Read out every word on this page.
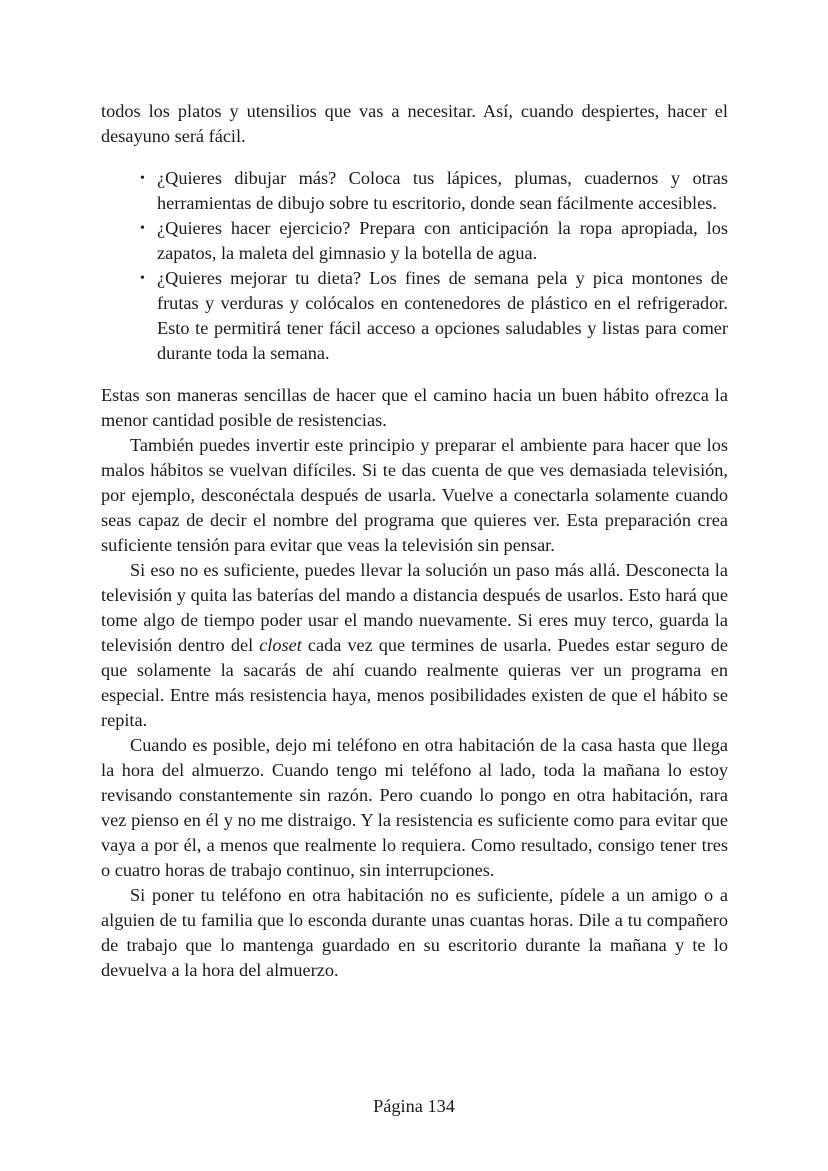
todos los platos y utensilios que vas a necesitar. Así, cuando despiertes, hacer el desayuno será fácil.

• ¿Quieres dibujar más? Coloca tus lápices, plumas, cuadernos y otras herramientas de dibujo sobre tu escritorio, donde sean fácilmente accesibles.
• ¿Quieres hacer ejercicio? Prepara con anticipación la ropa apropiada, los zapatos, la maleta del gimnasio y la botella de agua.
• ¿Quieres mejorar tu dieta? Los fines de semana pela y pica montones de frutas y verduras y colócalos en contenedores de plástico en el refrigerador. Esto te permitirá tener fácil acceso a opciones saludables y listas para comer durante toda la semana.

Estas son maneras sencillas de hacer que el camino hacia un buen hábito ofrezca la menor cantidad posible de resistencias.

También puedes invertir este principio y preparar el ambiente para hacer que los malos hábitos se vuelvan difíciles. Si te das cuenta de que ves demasiada televisión, por ejemplo, desconéctala después de usarla. Vuelve a conectarla solamente cuando seas capaz de decir el nombre del programa que quieres ver. Esta preparación crea suficiente tensión para evitar que veas la televisión sin pensar.

Si eso no es suficiente, puedes llevar la solución un paso más allá. Desconecta la televisión y quita las baterías del mando a distancia después de usarlos. Esto hará que tome algo de tiempo poder usar el mando nuevamente. Si eres muy terco, guarda la televisión dentro del closet cada vez que termines de usarla. Puedes estar seguro de que solamente la sacarás de ahí cuando realmente quieras ver un programa en especial. Entre más resistencia haya, menos posibilidades existen de que el hábito se repita.

Cuando es posible, dejo mi teléfono en otra habitación de la casa hasta que llega la hora del almuerzo. Cuando tengo mi teléfono al lado, toda la mañana lo estoy revisando constantemente sin razón. Pero cuando lo pongo en otra habitación, rara vez pienso en él y no me distraigo. Y la resistencia es suficiente como para evitar que vaya a por él, a menos que realmente lo requiera. Como resultado, consigo tener tres o cuatro horas de trabajo continuo, sin interrupciones.

Si poner tu teléfono en otra habitación no es suficiente, pídele a un amigo o a alguien de tu familia que lo esconda durante unas cuantas horas. Dile a tu compañero de trabajo que lo mantenga guardado en su escritorio durante la mañana y te lo devuelva a la hora del almuerzo.

Página 134
